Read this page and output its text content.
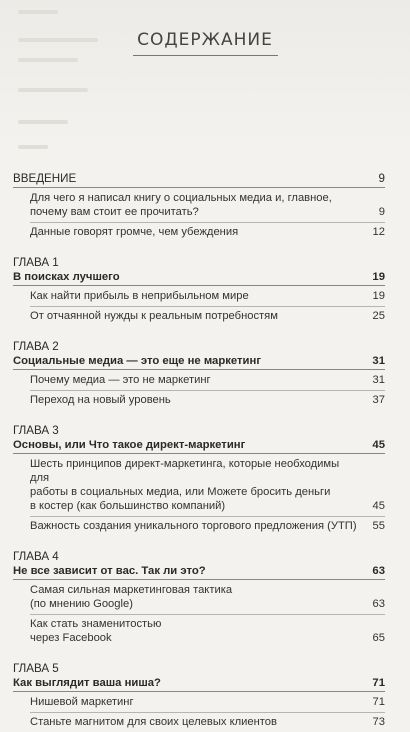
СОДЕРЖАНИЕ
ВВЕДЕНИЕ	9
Для чего я написал книгу о социальных медиа и, главное,
почему вам стоит ее прочитать?	9
Данные говорят громче, чем убеждения	12
ГЛАВА 1
В поисках лучшего	19
Как найти прибыль в неприбыльном мире	19
От отчаянной нужды к реальным потребностям	25
ГЛАВА 2
Социальные медиа — это еще не маркетинг	31
Почему медиа — это не маркетинг	31
Переход на новый уровень	37
ГЛАВА 3
Основы, или Что такое директ-маркетинг	45
Шесть принципов директ-маркетинга, которые необходимы для
работы в социальных медиа, или Можете бросить деньги
в костер (как большинство компаний)	45
Важность создания уникального торгового предложения (УТП)	55
ГЛАВА 4
Не все зависит от вас. Так ли это?	63
Самая сильная маркетинговая тактика
(по мнению Google)	63
Как стать знаменитостью
через Facebook	65
ГЛАВА 5
Как выглядит ваша ниша?	71
Нишевой маркетинг	71
Станьте магнитом для своих целевых клиентов	73
